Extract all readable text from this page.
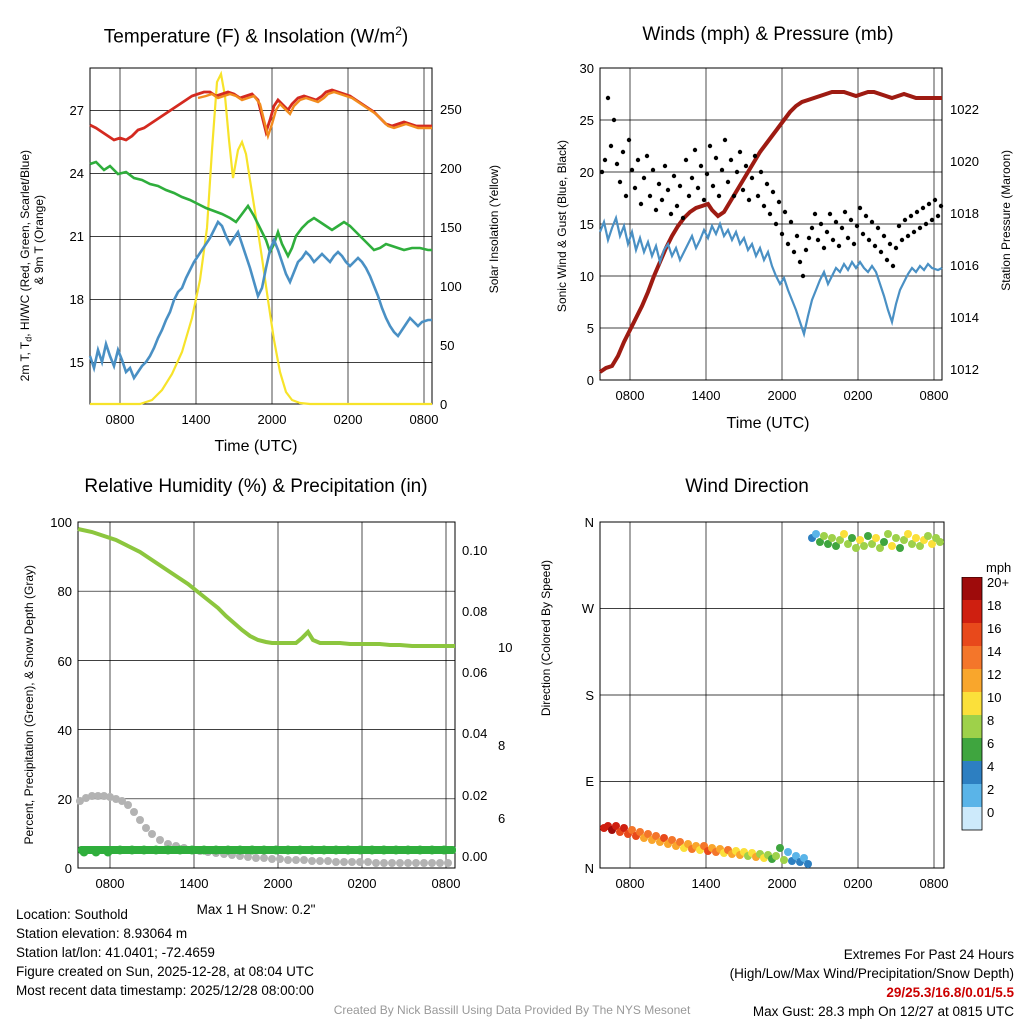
Temperature (F) & Insolation $(W/m^2)$
2m T, $T_d$, HI/WC (Red, Green, Scarlet/Blue) & 9m T (Orange)	Solar Insolation (Yellow)
15
18
21
24
27
0
50
100
150
200
250
0800	1400	2000	0200	0800
Time (UTC)
Winds (mph) & Pressure (mb)
Sonic Wind & Gust (Blue, Black)	Station Pressure (Maroon)
0
5
10
15
20
25
30
1012
1014
1016
1018
1020
1022
0800	1400	2000	0200	0800
Time (UTC)
Relative Humidity (%) & Precipitation (in)
Percent, Precipitation (Green), & Snow Depth (Gray)
0
20
40
60
80
100
0.00
0.02
0.04
0.06
0.08
0.10
6
8
10
0800	1400	2000	0200	0800
Max 1 H Snow: 0.2"
Wind Direction
Direction (Colored By Speed)
N
E
S
W
N
0800	1400	2000	0200	0800
mph
20+
18
16
14
12
10
8
6
4
2
0
Location: Southold
Station elevation: 8.93064 m
Station lat/lon: 41.0401; -72.4659
Figure created on Sun, 2025-12-28, at 08:04 UTC
Most recent data timestamp: 2025/12/28 08:00:00
Extremes For Past 24 Hours
(High/Low/Max Wind/Precipitation/Snow Depth)
29/25.3/16.8/0.01/5.5
Max Gust: 28.3 mph On 12/27 at 0815 UTC
Created By Nick Bassill Using Data Provided By The NYS Mesonet
